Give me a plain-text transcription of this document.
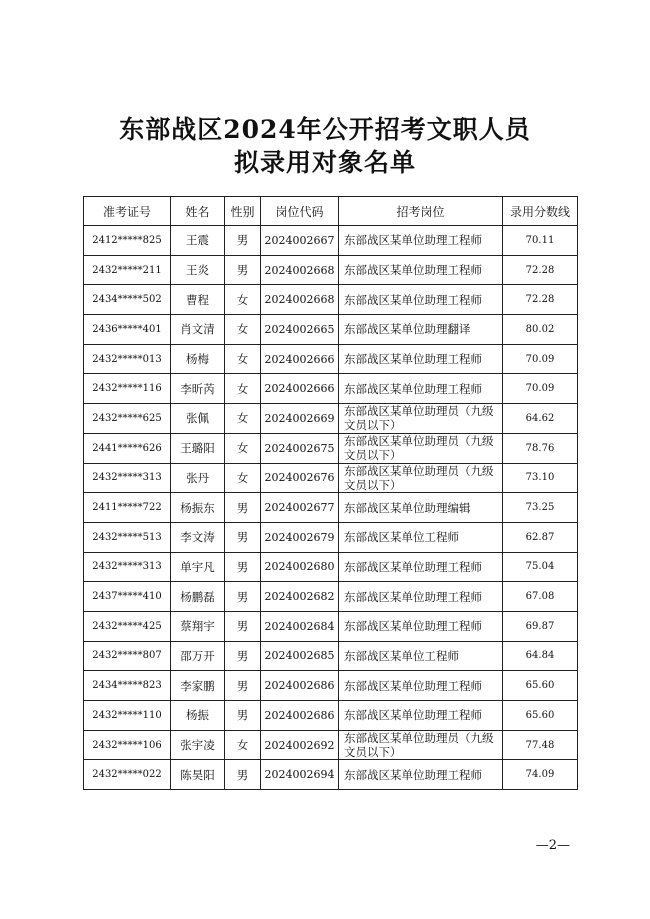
东部战区2024年公开招考文职人员
拟录用对象名单
准考证号	姓名	性别	岗位代码	招考岗位	录用分数线
2412*****825	王震	男	2024002667	东部战区某单位助理工程师	70.11
2432*****211	王炎	男	2024002668	东部战区某单位助理工程师	72.28
2434*****502	曹程	女	2024002668	东部战区某单位助理工程师	72.28
2436*****401	肖文清	女	2024002665	东部战区某单位助理翻译	80.02
2432*****013	杨梅	女	2024002666	东部战区某单位助理工程师	70.09
2432*****116	李昕芮	女	2024002666	东部战区某单位助理工程师	70.09
2432*****625	张佩	女	2024002669	东部战区某单位助理员（九级文员以下）	64.62
2441*****626	王璐阳	女	2024002675	东部战区某单位助理员（九级文员以下）	78.76
2432*****313	张丹	女	2024002676	东部战区某单位助理员（九级文员以下）	73.10
2411*****722	杨振东	男	2024002677	东部战区某单位助理编辑	73.25
2432*****513	李文涛	男	2024002679	东部战区某单位工程师	62.87
2432*****313	单宇凡	男	2024002680	东部战区某单位助理工程师	75.04
2437*****410	杨鹏磊	男	2024002682	东部战区某单位助理工程师	67.08
2432*****425	蔡翔宇	男	2024002684	东部战区某单位助理工程师	69.87
2432*****807	邵万开	男	2024002685	东部战区某单位工程师	64.84
2434*****823	李家鹏	男	2024002686	东部战区某单位助理工程师	65.60
2432*****110	杨振	男	2024002686	东部战区某单位助理工程师	65.60
2432*****106	张宇凌	女	2024002692	东部战区某单位助理员（九级文员以下）	77.48
2432*****022	陈昊阳	男	2024002694	东部战区某单位助理工程师	74.09
—2—
